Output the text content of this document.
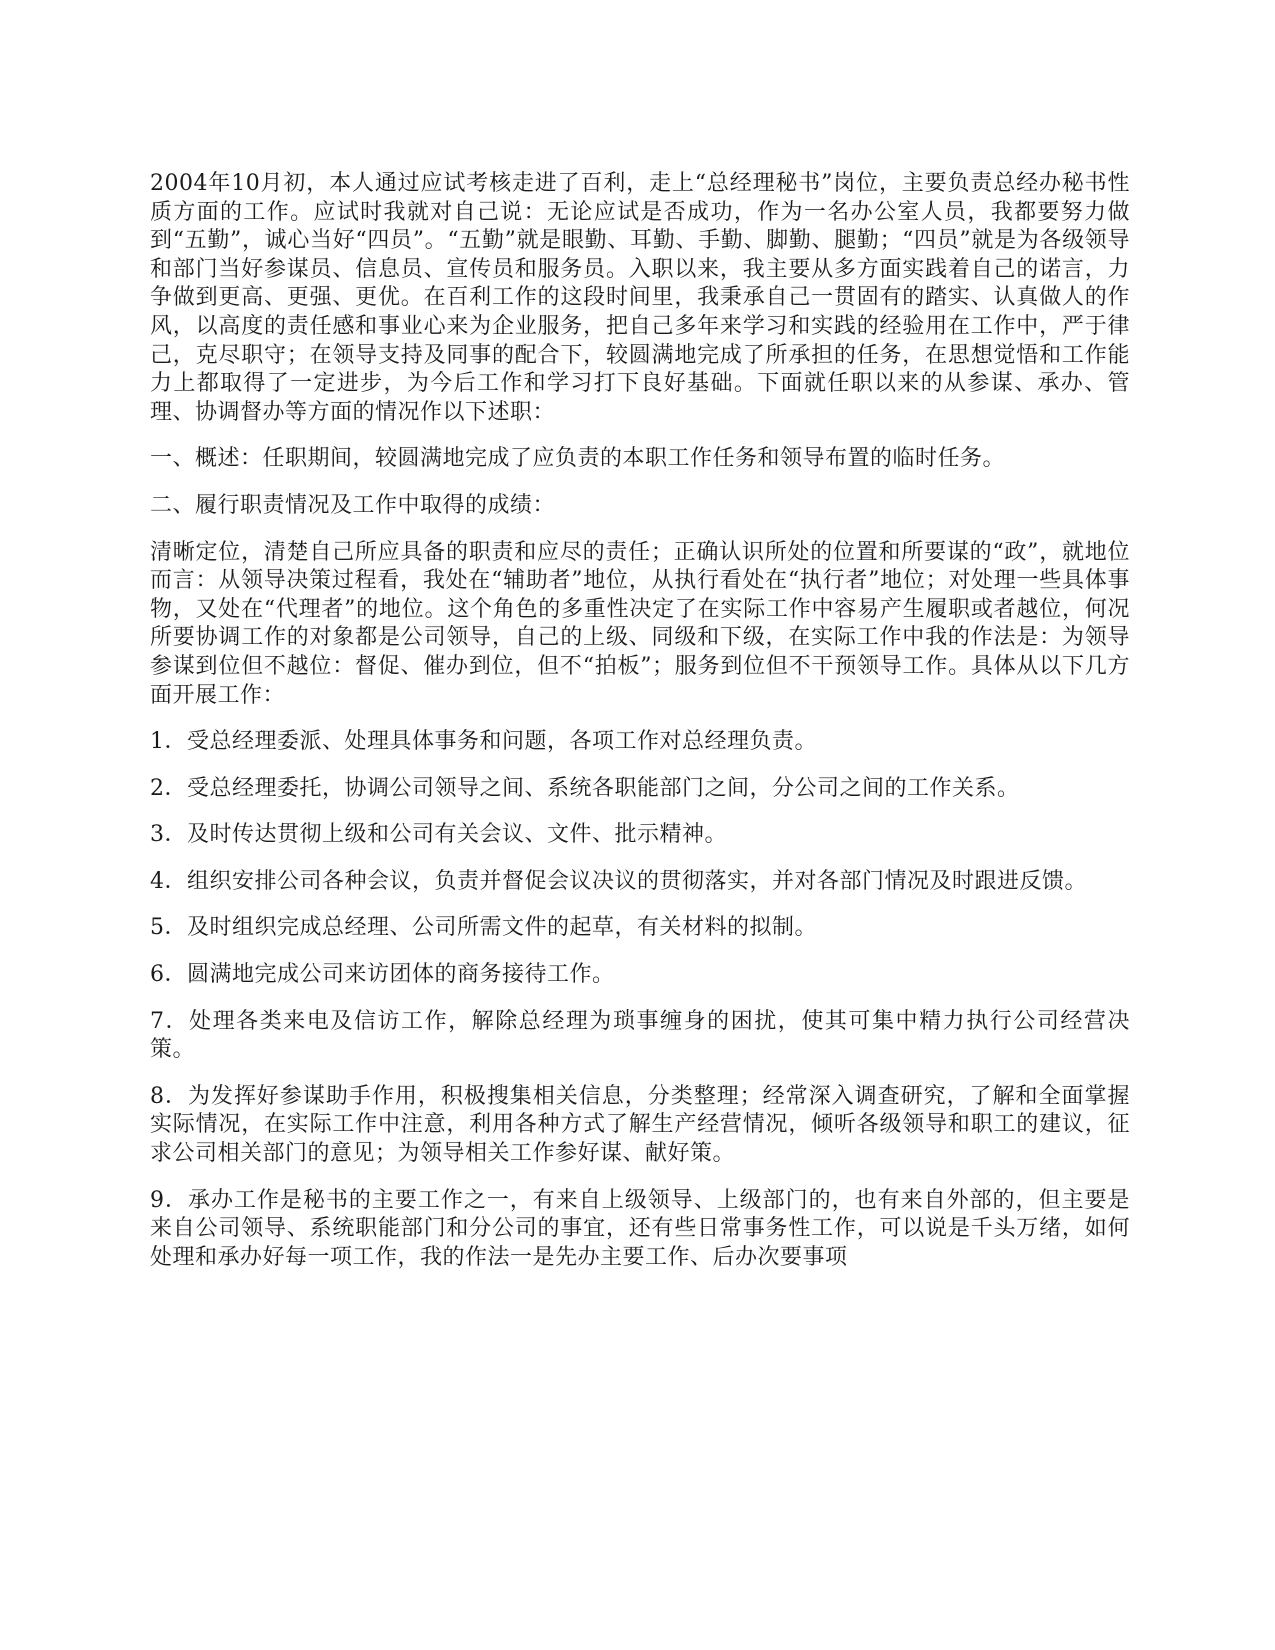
2004年10月初，本人通过应试考核走进了百利，走上“总经理秘书”岗位，主要负责总经办秘书性质方面的工作。应试时我就对自己说：无论应试是否成功，作为一名办公室人员，我都要努力做到“五勤”，诚心当好“四员”。“五勤”就是眼勤、耳勤、手勤、脚勤、腿勤；“四员”就是为各级领导和部门当好参谋员、信息员、宣传员和服务员。入职以来，我主要从多方面实践着自己的诺言，力争做到更高、更强、更优。在百利工作的这段时间里，我秉承自己一贯固有的踏实、认真做人的作风，以高度的责任感和事业心来为企业服务，把自己多年来学习和实践的经验用在工作中，严于律己，克尽职守；在领导支持及同事的配合下，较圆满地完成了所承担的任务，在思想觉悟和工作能力上都取得了一定进步，为今后工作和学习打下良好基础。下面就任职以来的从参谋、承办、管理、协调督办等方面的情况作以下述职：

一、概述：任职期间，较圆满地完成了应负责的本职工作任务和领导布置的临时任务。

二、履行职责情况及工作中取得的成绩：

清晰定位，清楚自己所应具备的职责和应尽的责任；正确认识所处的位置和所要谋的“政”，就地位而言：从领导决策过程看，我处在“辅助者”地位，从执行看处在“执行者”地位；对处理一些具体事物，又处在“代理者”的地位。这个角色的多重性决定了在实际工作中容易产生履职或者越位，何况所要协调工作的对象都是公司领导，自己的上级、同级和下级，在实际工作中我的作法是：为领导参谋到位但不越位：督促、催办到位，但不“拍板”；服务到位但不干预领导工作。具体从以下几方面开展工作：

1．受总经理委派、处理具体事务和问题，各项工作对总经理负责。

2．受总经理委托，协调公司领导之间、系统各职能部门之间，分公司之间的工作关系。

3．及时传达贯彻上级和公司有关会议、文件、批示精神。

4．组织安排公司各种会议，负责并督促会议决议的贯彻落实，并对各部门情况及时跟进反馈。

5．及时组织完成总经理、公司所需文件的起草，有关材料的拟制。

6．圆满地完成公司来访团体的商务接待工作。

7．处理各类来电及信访工作，解除总经理为琐事缠身的困扰，使其可集中精力执行公司经营决策。

8．为发挥好参谋助手作用，积极搜集相关信息，分类整理；经常深入调查研究，了解和全面掌握实际情况，在实际工作中注意，利用各种方式了解生产经营情况，倾听各级领导和职工的建议，征求公司相关部门的意见；为领导相关工作参好谋、献好策。

9．承办工作是秘书的主要工作之一，有来自上级领导、上级部门的，也有来自外部的，但主要是来自公司领导、系统职能部门和分公司的事宜，还有些日常事务性工作，可以说是千头万绪，如何处理和承办好每一项工作，我的作法一是先办主要工作、后办次要事项
